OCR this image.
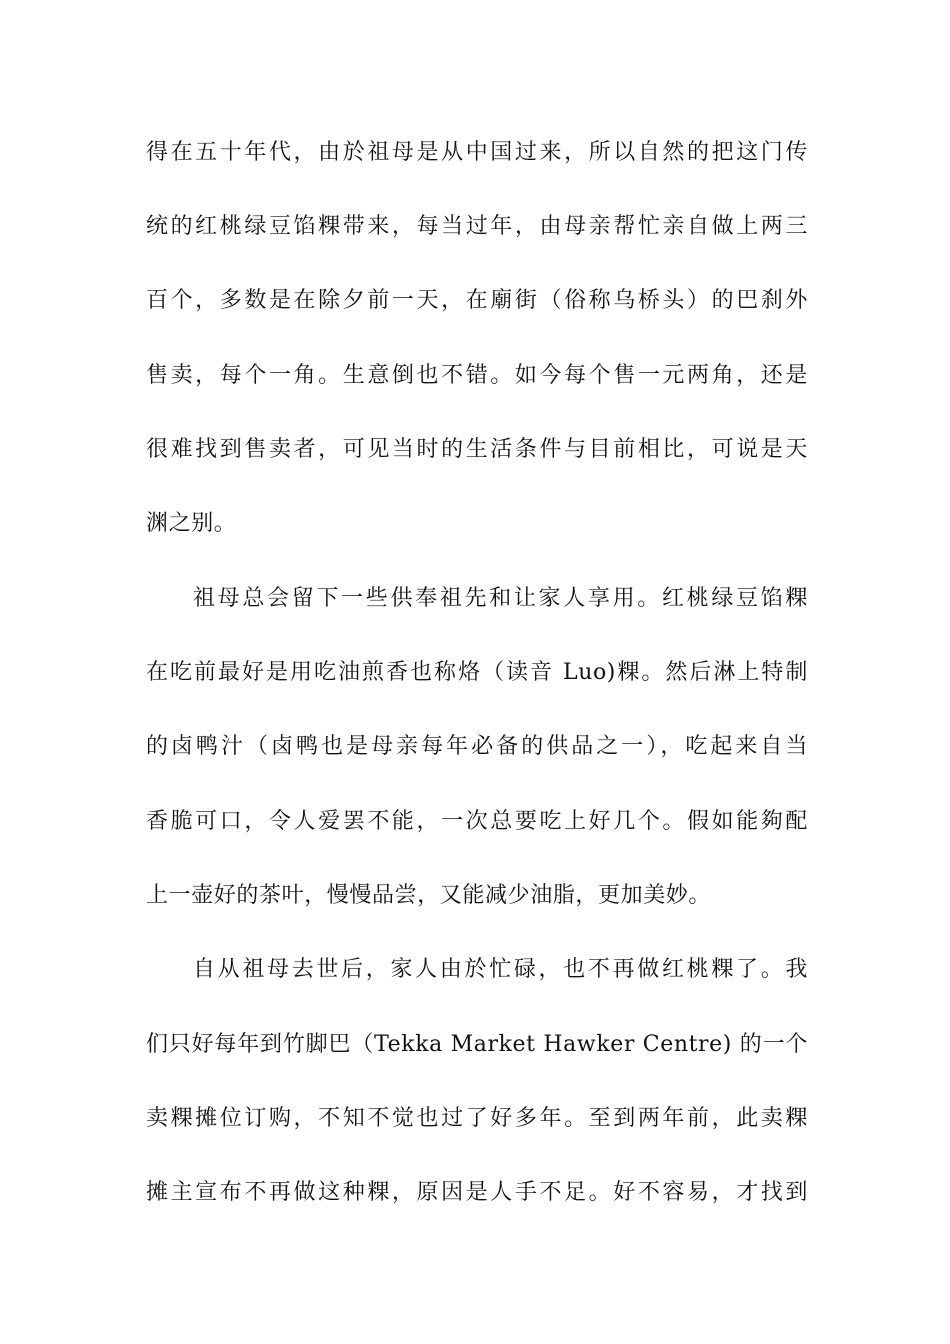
得在五十年代，由於祖母是从中国过来，所以自然的把这门传
统的红桃绿豆馅粿带来，每当过年，由母亲帮忙亲自做上两三
百个，多数是在除夕前一天，在廟街（俗称乌桥头）的巴刹外
售卖，每个一角。生意倒也不错。如今每个售一元两角，还是
很难找到售卖者，可见当时的生活条件与目前相比，可说是天
渊之别。
祖母总会留下一些供奉祖先和让家人享用。红桃绿豆馅粿
在吃前最好是用吃油煎香也称烙（读音 Luo)粿。然后淋上特制
的卤鸭汁（卤鸭也是母亲每年必备的供品之一），吃起来自当
香脆可口，令人爱罢不能，一次总要吃上好几个。假如能夠配
上一壶好的茶叶，慢慢品尝，又能减少油脂，更加美妙。
自从祖母去世后，家人由於忙碌，也不再做红桃粿了。我
们只好每年到竹脚巴（Tekka Market Hawker Centre) 的一个
卖粿摊位订购，不知不觉也过了好多年。至到两年前，此卖粿
摊主宣布不再做这种粿，原因是人手不足。好不容易，才找到
